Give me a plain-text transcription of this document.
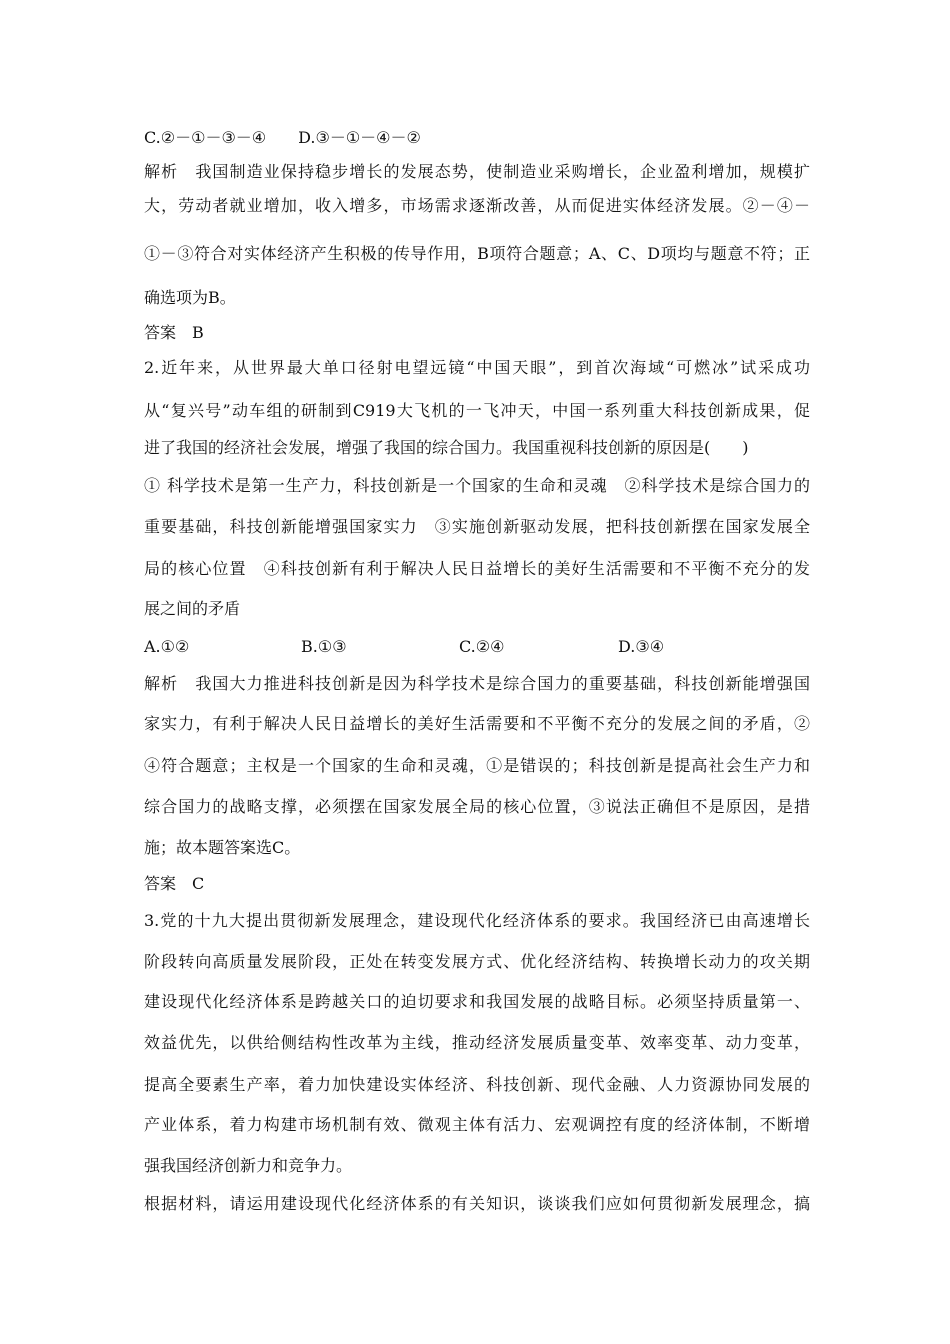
C.②－①－③－④　　D.③－①－④－②
解析　我国制造业保持稳步增长的发展态势，使制造业采购增长，企业盈利增加，规模扩
大，劳动者就业增加，收入增多，市场需求逐渐改善，从而促进实体经济发展。②－④－
①－③符合对实体经济产生积极的传导作用，B项符合题意；A、C、D项均与题意不符；正
确选项为B。
答案　B
2.近年来，从世界最大单口径射电望远镜“中国天眼”，到首次海域“可燃冰”试采成功
从“复兴号”动车组的研制到C919大飞机的一飞冲天，中国一系列重大科技创新成果，促
进了我国的经济社会发展，增强了我国的综合国力。我国重视科技创新的原因是(　　)
① 科学技术是第一生产力，科技创新是一个国家的生命和灵魂　②科学技术是综合国力的
重要基础，科技创新能增强国家实力　③实施创新驱动发展，把科技创新摆在国家发展全
局的核心位置　④科技创新有利于解决人民日益增长的美好生活需要和不平衡不充分的发
展之间的矛盾
A.①②	B.①③	C.②④	D.③④
解析　我国大力推进科技创新是因为科学技术是综合国力的重要基础，科技创新能增强国
家实力，有利于解决人民日益增长的美好生活需要和不平衡不充分的发展之间的矛盾，②
④符合题意；主权是一个国家的生命和灵魂，①是错误的；科技创新是提高社会生产力和
综合国力的战略支撑，必须摆在国家发展全局的核心位置，③说法正确但不是原因，是措
施；故本题答案选C。
答案　C
3.党的十九大提出贯彻新发展理念，建设现代化经济体系的要求。我国经济已由高速增长
阶段转向高质量发展阶段，正处在转变发展方式、优化经济结构、转换增长动力的攻关期
建设现代化经济体系是跨越关口的迫切要求和我国发展的战略目标。必须坚持质量第一、
效益优先，以供给侧结构性改革为主线，推动经济发展质量变革、效率变革、动力变革，
提高全要素生产率，着力加快建设实体经济、科技创新、现代金融、人力资源协同发展的
产业体系，着力构建市场机制有效、微观主体有活力、宏观调控有度的经济体制，不断增
强我国经济创新力和竞争力。
根据材料，请运用建设现代化经济体系的有关知识，谈谈我们应如何贯彻新发展理念，搞
